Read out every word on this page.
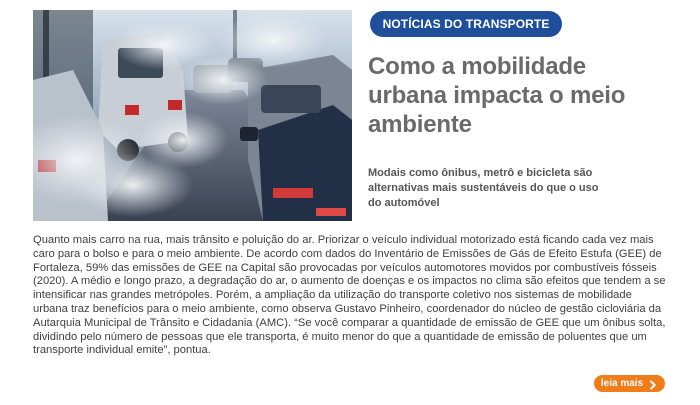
NOTÍCIAS DO TRANSPORTE
Como a mobilidade urbana impacta o meio ambiente

Modais como ônibus, metrô e bicicleta são alternativas mais sustentáveis do que o uso do automóvel

Quanto mais carro na rua, mais trânsito e poluição do ar. Priorizar o veículo individual motorizado está ficando cada vez mais caro para o bolso e para o meio ambiente. De acordo com dados do Inventário de Emissões de Gás de Efeito Estufa (GEE) de Fortaleza, 59% das emissões de GEE na Capital são provocadas por veículos automotores movidos por combustíveis fósseis (2020). A médio e longo prazo, a degradação do ar, o aumento de doenças e os impactos no clima são efeitos que tendem a se intensificar nas grandes metrópoles. Porém, a ampliação da utilização do transporte coletivo nos sistemas de mobilidade urbana traz benefícios para o meio ambiente, como observa Gustavo Pinheiro, coordenador do núcleo de gestão cicloviária da Autarquia Municipal de Trânsito e Cidadania (AMC). “Se você comparar a quantidade de emissão de GEE que um ônibus solta, dividindo pelo número de pessoas que ele transporta, é muito menor do que a quantidade de emissão de poluentes que um transporte individual emite”, pontua.

leia mais
